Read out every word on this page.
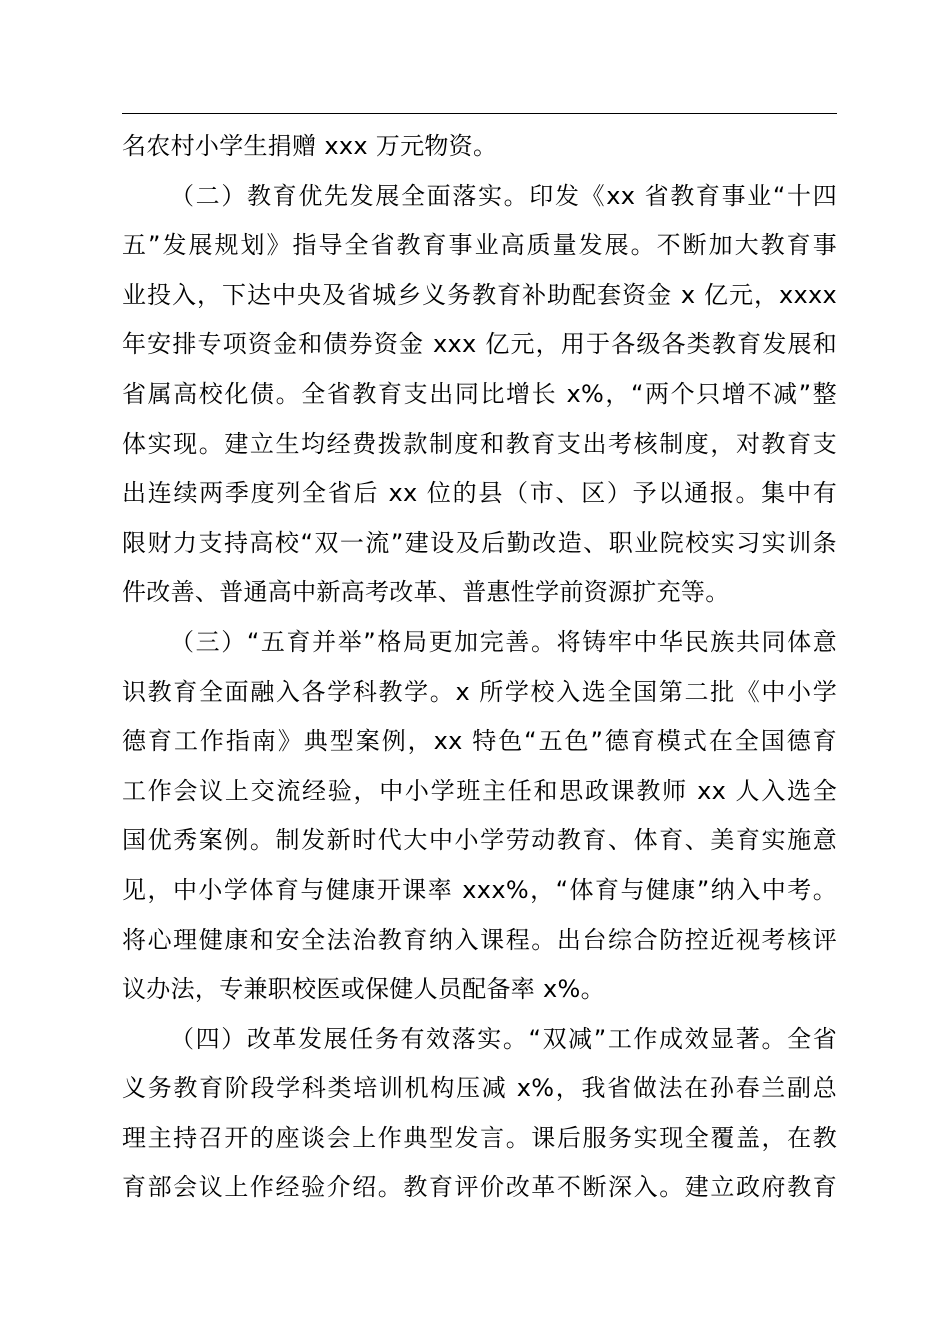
名农村小学生捐赠 xxx 万元物资。
（二）教育优先发展全面落实。印发《xx 省教育事业“十四
五”发展规划》指导全省教育事业高质量发展。不断加大教育事
业投入，下达中央及省城乡义务教育补助配套资金 x 亿元，xxxx
年安排专项资金和债券资金 xxx 亿元，用于各级各类教育发展和
省属高校化债。全省教育支出同比增长 x%，“两个只增不减”整
体实现。建立生均经费拨款制度和教育支出考核制度，对教育支
出连续两季度列全省后 xx 位的县（市、区）予以通报。集中有
限财力支持高校“双一流”建设及后勤改造、职业院校实习实训条
件改善、普通高中新高考改革、普惠性学前资源扩充等。
（三）“五育并举”格局更加完善。将铸牢中华民族共同体意
识教育全面融入各学科教学。x 所学校入选全国第二批《中小学
德育工作指南》典型案例，xx 特色“五色”德育模式在全国德育
工作会议上交流经验，中小学班主任和思政课教师 xx 人入选全
国优秀案例。制发新时代大中小学劳动教育、体育、美育实施意
见，中小学体育与健康开课率 xxx%，“体育与健康”纳入中考。
将心理健康和安全法治教育纳入课程。出台综合防控近视考核评
议办法，专兼职校医或保健人员配备率 x%。
（四）改革发展任务有效落实。“双减”工作成效显著。全省
义务教育阶段学科类培训机构压减 x%，我省做法在孙春兰副总
理主持召开的座谈会上作典型发言。课后服务实现全覆盖，在教
育部会议上作经验介绍。教育评价改革不断深入。建立政府教育
